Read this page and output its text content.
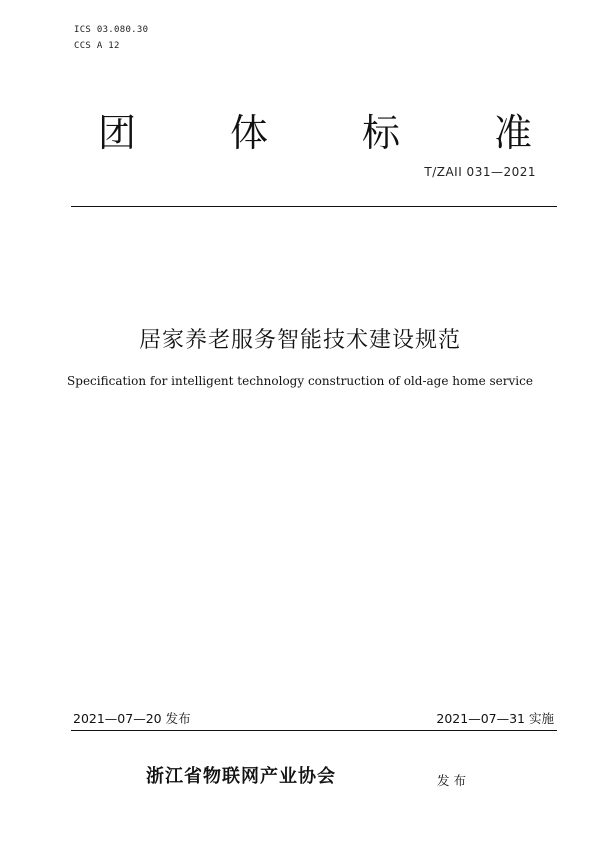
ICS 03.080.30
CCS A 12
团 体 标 准
T/ZAII 031—2021
居家养老服务智能技术建设规范
Specification for intelligent technology construction of old-age home service
2021—07—20 发布	2021—07—31 实施
浙江省物联网产业协会	发布
